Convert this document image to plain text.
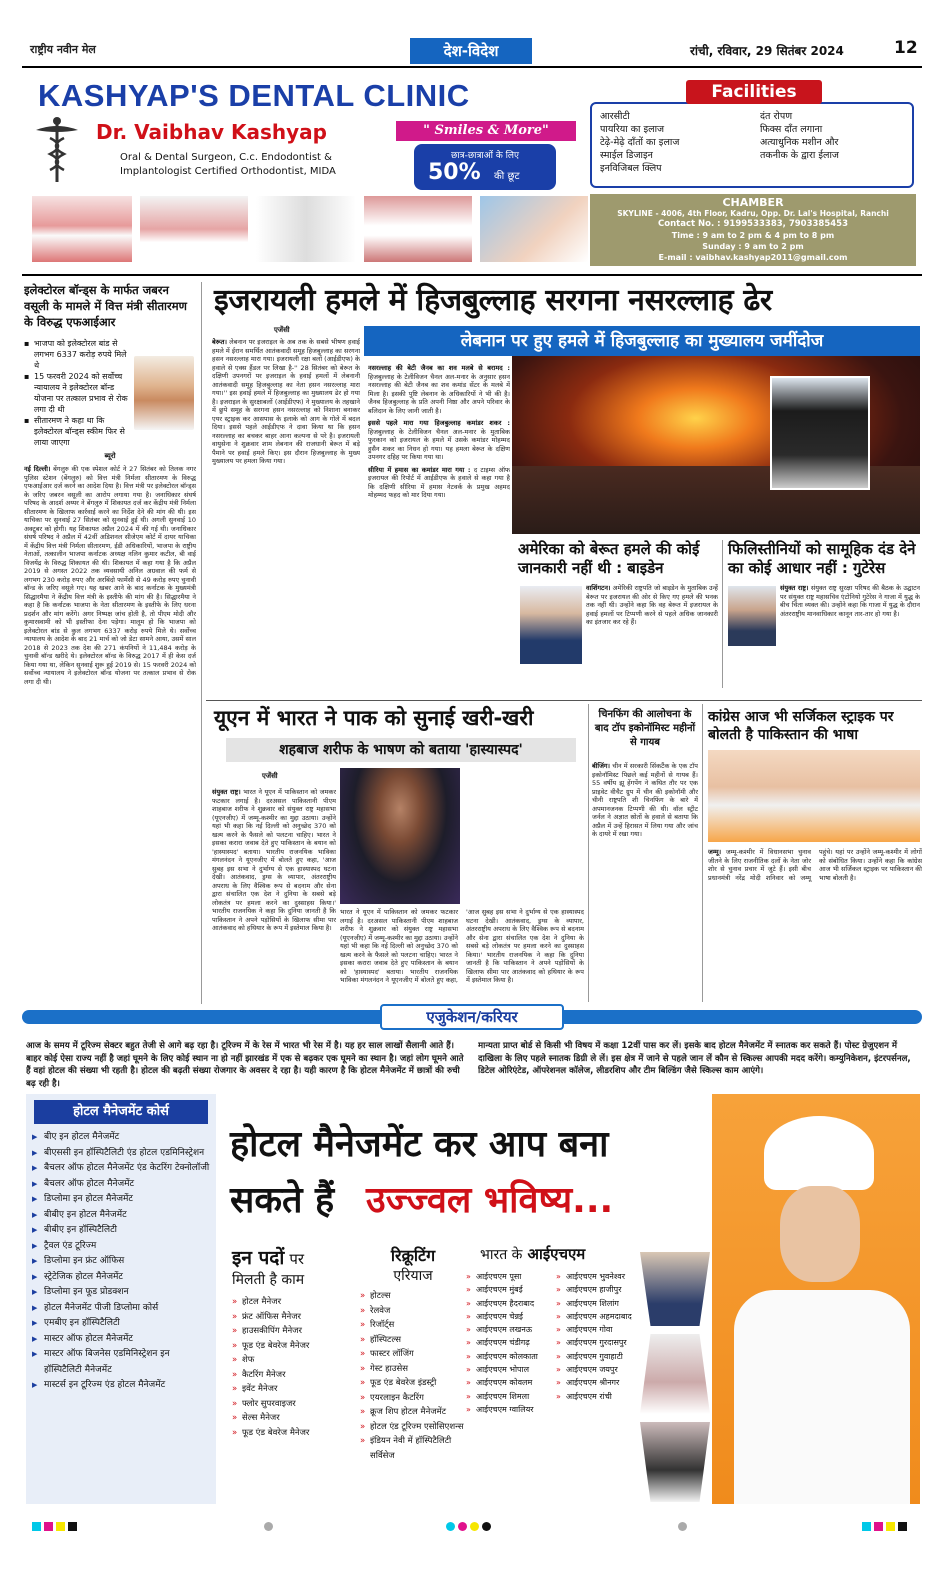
राष्ट्रीय नवीन मेल	देश-विदेश	रांची, रविवार, 29 सितंबर 2024	12
KASHYAP'S DENTAL CLINIC
Dr. Vaibhav Kashyap	" Smiles & More"
Oral & Dental Surgeon, C.c. Endodontist &
Implantologist Certified Orthodontist, MIDA
छात्र-छात्राओं के लिए
50% की छूट
Facilities
आरसीटी
पायरिया का इलाज
टेढ़े-मेढ़े दाँतों का इलाज
स्माईल डिजाइन
इनविजिबल क्लिप
दंत रोपण
फिक्स दाँत लगाना
अत्याधुनिक मशीन और
तकनीक के द्वारा ईलाज
CHAMBER
SKYLINE - 4006, 4th Floor, Kadru, Opp. Dr. Lal's Hospital, Ranchi
Contact No. : 9199533383, 7903385453
Time : 9 am to 2 pm & 4 pm to 8 pm
Sunday : 9 am to 2 pm
E-mail : vaibhav.kashyap2011@gmail.com
इलेक्टोरल बॉन्ड्स के मार्फत जबरन वसूली के मामले में वित्त मंत्री सीतारमण के विरुद्ध एफआईआर
▪ भाजपा को इलेक्टोरल बांड से लगभग 6337 करोड़ रुपये मिले थे
▪ 15 फरवरी 2024 को सर्वोच्च न्यायालय ने इलेक्टोरल बॉन्ड योजना पर तत्काल प्रभाव से रोक लगा दी थी
▪ सीतारमण ने कहा था कि इलेक्टोरल बॉन्ड्स स्कीम फिर से लाया जाएगा
ब्यूरो
नई दिल्ली। बेंगलुरु की एक स्पेशल कोर्ट ने 27 सितंबर को तिलक नगर पुलिस स्टेशन (बेंगलुरु) को वित्त मंत्री निर्मला सीतारमण के विरुद्ध एफआईआर दर्ज करने का आदेश दिया है। वित्त मंत्री पर इलेक्टोरल बॉन्ड्स के जरिए जबरन वसूली का आरोप लगाया गया है। जनाधिकार संघर्ष परिषद के आदर्श अय्यर ने बेंगलुरु में शिकायत दर्ज कर केंद्रीय मंत्री निर्मला सीतारमण के खिलाफ कार्रवाई करने का निर्देश देने की मांग की थी। इस याचिका पर सुनवाई 27 सितंबर को सुनवाई हुई थी। अगली सुनवाई 10 अक्टूबर को होगी। यह शिकायत अप्रैल 2024 में की गई थी। जनाधिकार संघर्ष परिषद ने अप्रैल में 42वीं अडिशनल सीजेएम कोर्ट में दायर याचिका में केंद्रीय वित्त मंत्री निर्मला सीतारमण, ईडी अधिकारियों, भाजपा के राष्ट्रीय नेताओं, तत्कालीन भाजपा कर्नाटक अध्यक्ष नलिन कुमार कटील, बी वाई विजयेंद्र के विरुद्ध शिकायत की थी। शिकायत में कहा गया है कि अप्रैल 2019 से अगस्त 2022 तक व्यवसायी अनिल अग्रवाल की फर्म से लगभग 230 करोड़ रुपए और अरबिंदो फार्मेसी से 49 करोड़ रुपए चुनावी बॉन्ड के जरिए वसूले गए। यह खबर आने के बाद कर्नाटक के मुख्यमंत्री सिद्धारमैया ने केंद्रीय वित्त मंत्री के इस्तीफे की मांग की है। सिद्धारमैया ने कहा है कि कर्नाटक भाजपा के नेता सीतारमण के इस्तीफे के लिए धरना प्रदर्शन और मांग करेंगे। अगर निष्पक्ष जांच होती है, तो पीएम मोदी और कुमारस्वामी को भी इस्तीफा देना पड़ेगा। मालूम हो कि भाजपा को इलेक्टोरल बांड से कुल लगभग 6337 करोड़ रुपये मिले थे। सर्वोच्च न्यायालय के आदेश के बाद 21 मार्च को जो डेटा सामने आया, उसमें साल 2018 से 2023 तक देश की 271 कंपनियों ने 11,484 करोड़ के चुनावी बॉन्ड खरीदे थे। इलेक्टोरल बॉन्ड के विरुद्ध 2017 में ही केस दर्ज किया गया था, लेकिन सुनवाई शुरू हुई 2019 से। 15 फरवरी 2024 को सर्वोच्च न्यायालय ने इलेक्टोरल बॉन्ड योजना पर तत्काल प्रभाव से रोक लगा दी थी।
इजरायली हमले में हिजबुल्लाह सरगना नसरल्लाह ढेर
एजेंसी
बेरूत। लेबनान पर इजराइल के अब तक के सबसे भीषण हवाई हमले में ईरान समर्थित आतंकवादी समूह हिजबुल्लाह का सरगना हसन नसरल्लाह मारा गया। इजरायली रक्षा बलों (आईडीएफ) के हवाले से एक्स हैंडल पर लिखा है-'' 28 सितंबर को बेरूत के दक्षिणी उपनगरों पर इजराइल के हवाई हमलों में लेबनानी आतंकवादी समूह हिजबुल्लाह का नेता हसन नसरल्लाह मारा गया।'' इस हवाई हमले में हिजबुल्लाह का मुख्यालय ढेर हो गया है। इजराइल के सुरक्षाबलों (आईडीएफ) ने मुख्यालय के तहखाने में छुपे समूह के सरगना हसन नसरल्लाह को निशाना बनाकर एयर स्ट्राइक कर आसपास के इलाके को आग के गोले में बदल दिया। इससे पहले आईडीएफ ने दावा किया था कि हसन नसरल्लाह का बचकर बाहर आना कल्पना से परे है। इजरायली वायुसेना ने शुक्रवार शाम लेबनान की राजधानी बेरूत में बड़े पैमाने पर हवाई हमले किए। इस दौरान हिजबुल्लाह के मुख्य मुख्यालय पर हमला किया गया।
लेबनान पर हुए हमले में हिजबुल्लाह का मुख्यालय जमींदोज
नसरल्लाह की बेटी जैनब का शव मलबे से बरामद : हिजबुल्लाह के टेलीविजन चैनल अल-मनार के अनुसार हसन नसरल्लाह की बेटी जैनब का शव कमांड सेंटर के मलबे में मिला है। इसकी पुष्टि लेबनान के अधिकारियों ने भी की है। जैनब हिजबुल्लाह के प्रति अपनी निष्ठा और अपने परिवार के बलिदान के लिए जानी जाती है।
इससे पहले मारा गया हिजबुल्लाह कमांडर शकर : हिजबुल्लाह के टेलीविजन चैनल अल-मनार के मुताबिक फुरकान को इजरायल के हमले में उसके कमांडर मोहम्मद हुसैन शकर का निधन हो गया। यह हमला बेरूत के दक्षिण उपनगर दहिह पर किया गया था।
सीरिया में हमास का कमांडर मारा गया : द टाइम्स ऑफ इजरायल की रिपोर्ट में आईडीएफ के हवाले से कहा गया है कि दक्षिणी सीरिया में हमास नेटवर्क के प्रमुख अहमद मोहम्मद फहद को मार दिया गया।
अमेरिका को बेरूत हमले की कोई जानकारी नहीं थी : बाइडेन
वाशिंगटन। अमेरिकी राष्ट्रपति जो बाइडेन के मुताबिक उन्हें बेरूत पर इजरायल की ओर से किए गए हमले की भनक तक नहीं थी। उन्होंने कहा कि वह बेरूत में इजरायल के हवाई हमलों पर टिप्पणी करने से पहले अधिक जानकारी का इंतजार कर रहे हैं।
फिलिस्तीनियों को सामूहिक दंड देने का कोई आधार नहीं : गुटेरेस
संयुक्त राष्ट्र। संयुक्त राष्ट्र सुरक्षा परिषद की बैठक के उद्घाटन पर संयुक्त राष्ट्र महासचिव एंटोनियो गुटेरेस ने गाजा में युद्ध के बीच चिंता व्यक्त की। उन्होंने कहा कि गाजा में युद्ध के दौरान अंतरराष्ट्रीय मानवाधिकार कानून तार-तार हो गया है।
यूएन में भारत ने पाक को सुनाई खरी-खरी
शहबाज शरीफ के भाषण को बताया 'हास्यास्पद'
एजेंसी
संयुक्त राष्ट्र। भारत ने यूएन में पाकिस्तान को जमकर फटकार लगाई है। दरअसल पाकिस्तानी पीएम शाहबाज शरीफ ने शुक्रवार को संयुक्त राष्ट्र महासभा (यूएनजीए) में जम्मू-कश्मीर का मुद्दा उठाया। उन्होंने यहां भी कहा कि नई दिल्ली को अनुच्छेद 370 को खत्म करने के फैसले को पलटना चाहिए। भारत ने इसका करारा जवाब देते हुए पाकिस्तान के बयान को 'हास्यास्पद' बताया। भारतीय राजनयिक भाविका मंगलनंदन ने यूएनजीए में बोलते हुए कहा, 'आज सुबह इस सभा ने दुर्भाग्य से एक हास्यास्पद घटना देखी। आतंकवाद, ड्रग्स के व्यापार, अंतरराष्ट्रीय अपराध के लिए वैश्विक रूप से बदनाम और सेना द्वारा संचालित एक देश ने दुनिया के सबसे बड़े लोकतंत्र पर हमला करने का दुस्साहस किया।' भारतीय राजनयिक ने कहा कि दुनिया जानती है कि पाकिस्तान ने अपने पड़ोसियों के खिलाफ सीमा पार आतंकवाद को हथियार के रूप में इस्तेमाल किया है।
भारत ने यूएन में पाकिस्तान को जमकर फटकार लगाई है। दरअसल पाकिस्तानी पीएम शाहबाज शरीफ ने शुक्रवार को संयुक्त राष्ट्र महासभा (यूएनजीए) में जम्मू-कश्मीर का मुद्दा उठाया। उन्होंने यहां भी कहा कि नई दिल्ली को अनुच्छेद 370 को खत्म करने के फैसले को पलटना चाहिए। भारत ने इसका करारा जवाब देते हुए पाकिस्तान के बयान को 'हास्यास्पद' बताया। भारतीय राजनयिक भाविका मंगलनंदन ने यूएनजीए में बोलते हुए कहा, 'आज सुबह इस सभा ने दुर्भाग्य से एक हास्यास्पद घटना देखी। आतंकवाद, ड्रग्स के व्यापार, अंतरराष्ट्रीय अपराध के लिए वैश्विक रूप से बदनाम और सेना द्वारा संचालित एक देश ने दुनिया के सबसे बड़े लोकतंत्र पर हमला करने का दुस्साहस किया।' भारतीय राजनयिक ने कहा कि दुनिया जानती है कि पाकिस्तान ने अपने पड़ोसियों के खिलाफ सीमा पार आतंकवाद को हथियार के रूप में इस्तेमाल किया है।
चिनफिंग की आलोचना के बाद टॉप इकोनॉमिस्ट महीनों से गायब
बीजिंग। चीन में सरकारी सिंकटैंक के एक टॉप इकोनॉमिस्ट पिछले कई महीनों से गायब हैं। 55 वर्षीय झू हेंगपेंग ने कथित तौर पर एक प्राइवेट वीचैट ग्रुप में चीन की इकोनॉमी और चीनी राष्ट्रपति शी चिनफिंग के बारे में अपमानजनक टिप्पणी की थी। वॉल स्ट्रीट जर्नल ने अज्ञात स्रोतों के हवाले से बताया कि अप्रैल में उन्हें हिरासत में लिया गया और जांच के दायरे में रखा गया।
कांग्रेस आज भी सर्जिकल स्ट्राइक पर बोलती है पाकिस्तान की भाषा
जम्मू। जम्मू-कश्मीर में विधानसभा चुनाव जीतने के लिए राजनीतिक दलों के नेता जोर शोर से चुनाव प्रचार में जुटे हैं। इसी बीच प्रधानमंत्री नरेंद्र मोदी शनिवार को जम्मू पहुंचे। यहां पर उन्होंने जम्मू-कश्मीर में लोगों को संबोधित किया। उन्होंने कहा कि कांग्रेस आज भी सर्जिकल स्ट्राइक पर पाकिस्तान की भाषा बोलती है।
एजुकेशन/करियर
आज के समय में टूरिज्म सेक्टर बहुत तेजी से आगे बढ़ रहा है। टूरिज्म में के रेस में भारत भी रेस में है। यह हर साल लाखों सैलानी आते हैं। बाहर कोई ऐसा राज्य नहीं है जहां घूमने के लिए कोई स्थान ना हो नहीं झारखंड में एक से बढ़कर एक घूमने का स्थान है। जहां लोग घूमने आते हैं वहां होटल की संख्या भी रहती है। होटल की बढ़ती संख्या रोजगार के अवसर दे रहा है। यही कारण है कि होटल मैनेजमेंट में छात्रों की रुची बढ़ रही है।
मान्यता प्राप्त बोर्ड से किसी भी विषय में कक्षा 12वीं पास कर लें। इसके बाद होटल मैनेजमेंट में स्नातक कर सकते हैं। पोस्ट ग्रेजुएशन में दाखिला के लिए पहले स्नातक डिग्री ले लें। इस क्षेत्र में जाने से पहले जान लें कौन से स्किल्स आपकी मदद करेंगे। कम्युनिकेशन, इंटरपर्सनल, डिटेल ओरिएंटेड, ऑपरेशनल कॉलेज, लीडरशिप और टीम बिल्डिंग जैसे स्किल्स काम आएंगे।
होटल मैनेजमेंट कोर्स
▶ बीए इन होटल मैनेजमेंट
▶ बीएससी इन हॉस्पिटैलिटी एंड होटल एडमिनिस्ट्रेशन
▶ बैचलर ऑफ होटल मैनेजमेंट एंड केटरिंग टेक्नोलॉजी
▶ बैचलर ऑफ होटल मैनेजमेंट
▶ डिप्लोमा इन होटल मैनेजमेंट
▶ बीबीए इन होटल मैनेजमेंट
▶ बीबीए इन हॉस्पिटैलिटी
▶ ट्रैवल एंड टूरिज्म
▶ डिप्लोमा इन फ्रंट ऑफिस
▶ स्ट्रेटेजिक होटल मैनेजमेंट
▶ डिप्लोमा इन फूड प्रोडक्शन
▶ होटल मैनेजमेंट पीजी डिप्लोमा कोर्स
▶ एमबीए इन हॉस्पिटैलिटी
▶ मास्टर ऑफ होटल मैनेजमेंट
▶ मास्टर ऑफ बिजनेस एडमिनिस्ट्रेशन इन हॉस्पिटैलिटी मैनेजमेंट
▶ मास्टर्स इन टूरिज्म एंड होटल मैनेजमेंट
होटल मैनेजमेंट कर आप बना
सकते हैं उज्ज्वल भविष्य...
इन पदों पर
मिलती है काम
» होटल मैनेजर
» फ्रंट ऑफिस मैनेजर
» हाउसकीपिंग मैनेजर
» फूड एंड बेवरेज मैनेजर
» शेफ
» कैटरिंग मैनेजर
» इवेंट मैनेजर
» फ्लोर सुपरवाइजर
» सेल्स मैनेजर
» फूड एंड बेवरेज मैनेजर
रिक्रूटिंग
एरियाज
» होटल्स
» रेलवेज
» रिजॉर्ट्स
» हॉस्पिटल्स
» फास्टर लॉजिंग
» गेस्ट हाउसेस
» फूड एंड बेवरेज इंडस्ट्री
» एयरलाइन कैटरिंग
» क्रूज शिप होटल मैनेजमेंट
» होटल एंड टूरिज्म एसोसिएशन्स
» इंडियन नेवी में हॉस्पिटैलिटी सर्विसेज
भारत के आईएचएम
» आईएचएम पूसा
» आईएचएम मुंबई
» आईएचएम हैदराबाद
» आईएचएम चेन्नई
» आईएचएम लखनऊ
» आईएचएम चंडीगढ़
» आईएचएम कोलकाता
» आईएचएम भोपाल
» आईएचएम कोवलम
» आईएचएम शिमला
» आईएचएम ग्वालियर
» आईएचएम भुवनेश्वर
» आईएचएम हाजीपुर
» आईएचएम शिलांग
» आईएचएम अहमदाबाद
» आईएचएम गोवा
» आईएचएम गुरदासपुर
» आईएचएम गुवाहाटी
» आईएचएम जयपुर
» आईएचएम श्रीनगर
» आईएचएम रांची
